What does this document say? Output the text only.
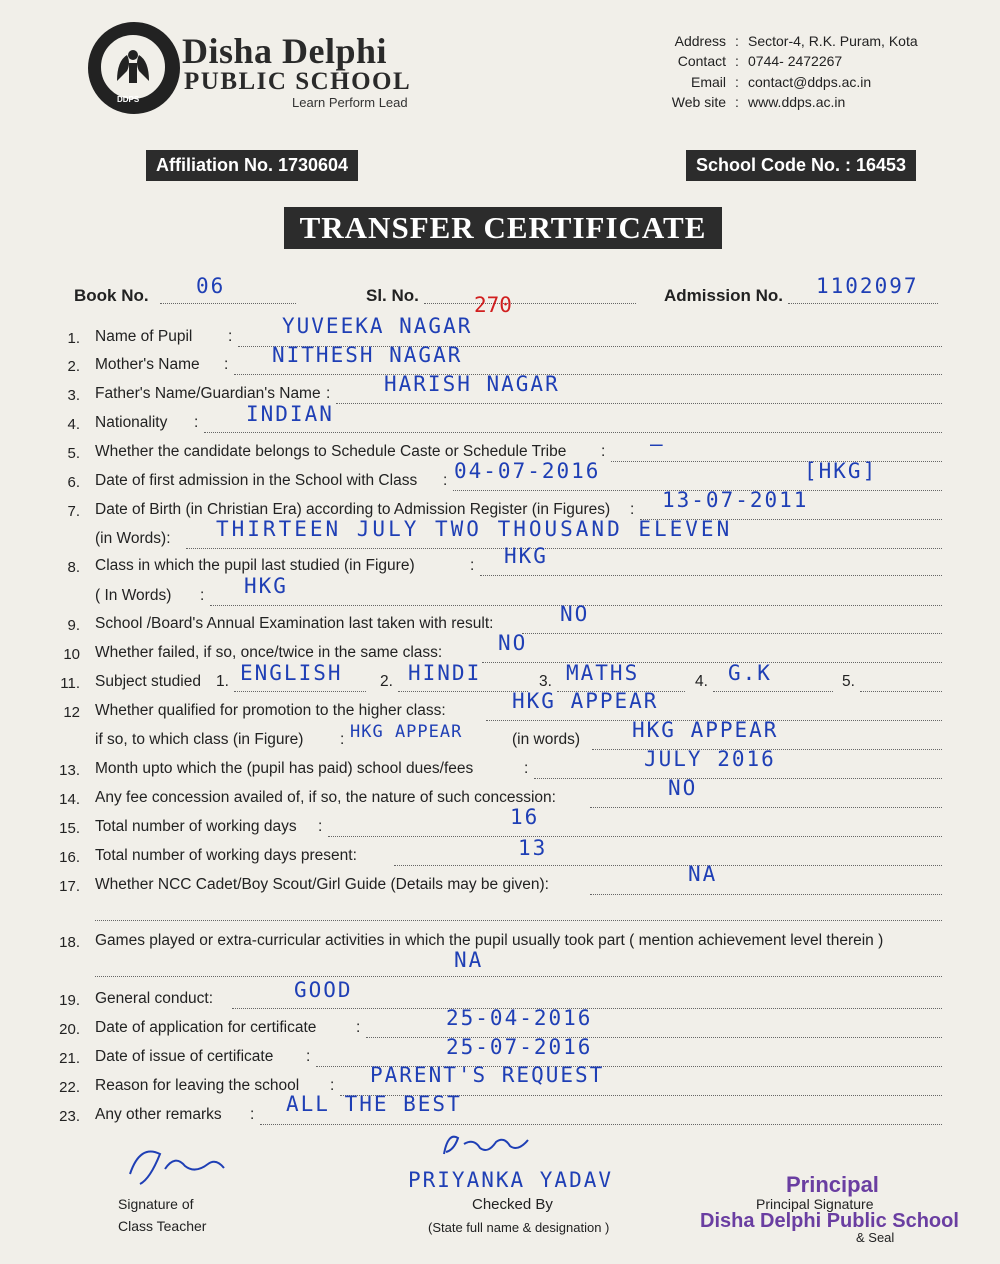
DDPS
Disha Delphi
PUBLIC SCHOOL
Learn Perform Lead
Address : Sector-4, R.K. Puram, Kota
Contact : 0744- 2472267
Email : contact@ddps.ac.in
Web site : www.ddps.ac.in
Affiliation No. 1730604	School Code No. : 16453
TRANSFER CERTIFICATE
Book No. 06	Sl. No.	270	Admission No. 1102097
1. Name of Pupil : YUVEEKA NAGAR
2. Mother's Name : NITHESH NAGAR
3. Father's Name/Guardian's Name :	HARISH NAGAR
4. Nationality : INDIAN
5. Whether the candidate belongs to Schedule Caste or Schedule Tribe : —
6. Date of first admission in the School with Class : 04-07-2016	[HKG]
7. Date of Birth (in Christian Era) according to Admission Register (in Figures) : 13-07-2011
(in Words): THIRTEEN JULY TWO THOUSAND ELEVEN
8. Class in which the pupil last studied (in Figure)	: HKG
( In Words) : HKG
9. School /Board's Annual Examination last taken with result:	NO
10 Whether failed, if so, once/twice in the same class:	NO
11. Subject studied 1. ENGLISH 2. HINDI	3. MATHS	4. G.K	5.
12 Whether qualified for promotion to the higher class:	HKG APPEAR
if so, to which class (in Figure) : HKG APPEAR	(in words) HKG APPEAR
13. Month upto which the (pupil has paid) school dues/fees	:	JULY 2016
14. Any fee concession availed of, if so, the nature of such concession:	NO
15. Total number of working days :	16
16. Total number of working days present:	13
17. Whether NCC Cadet/Boy Scout/Girl Guide (Details may be given):	NA
18. Games played or extra-curricular activities in which the pupil usually took part ( mention achievement level therein )
NA
19. General conduct:	GOOD
20. Date of application for certificate	:	25-04-2016
21. Date of issue of certificate :	25-07-2016
22. Reason for leaving the school : PARENT'S REQUEST
23. Any other remarks : ALL THE BEST
Signature of
Class Teacher
PRIYANKA YADAV
Checked By
(State full name & designation )
Principal
Principal Signature
Disha Delphi Public School
& Seal
